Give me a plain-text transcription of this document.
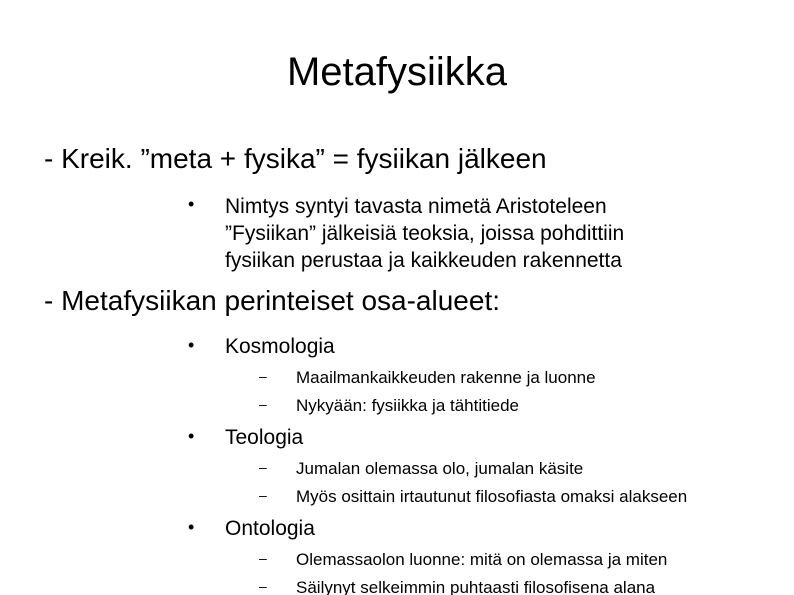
Metafysiikka
- Kreik. ”meta + fysika” = fysiikan jälkeen
• Nimtys syntyi tavasta nimetä Aristoteleen
”Fysiikan” jälkeisiä teoksia, joissa pohdittiin
fysiikan perustaa ja kaikkeuden rakennetta
- Metafysiikan perinteiset osa-alueet:
• Kosmologia
– Maailmankaikkeuden rakenne ja luonne
– Nykyään: fysiikka ja tähtitiede
• Teologia
– Jumalan olemassa olo, jumalan käsite
– Myös osittain irtautunut filosofiasta omaksi alakseen
• Ontologia
– Olemassaolon luonne: mitä on olemassa ja miten
– Säilynyt selkeimmin puhtaasti filosofisena alana
